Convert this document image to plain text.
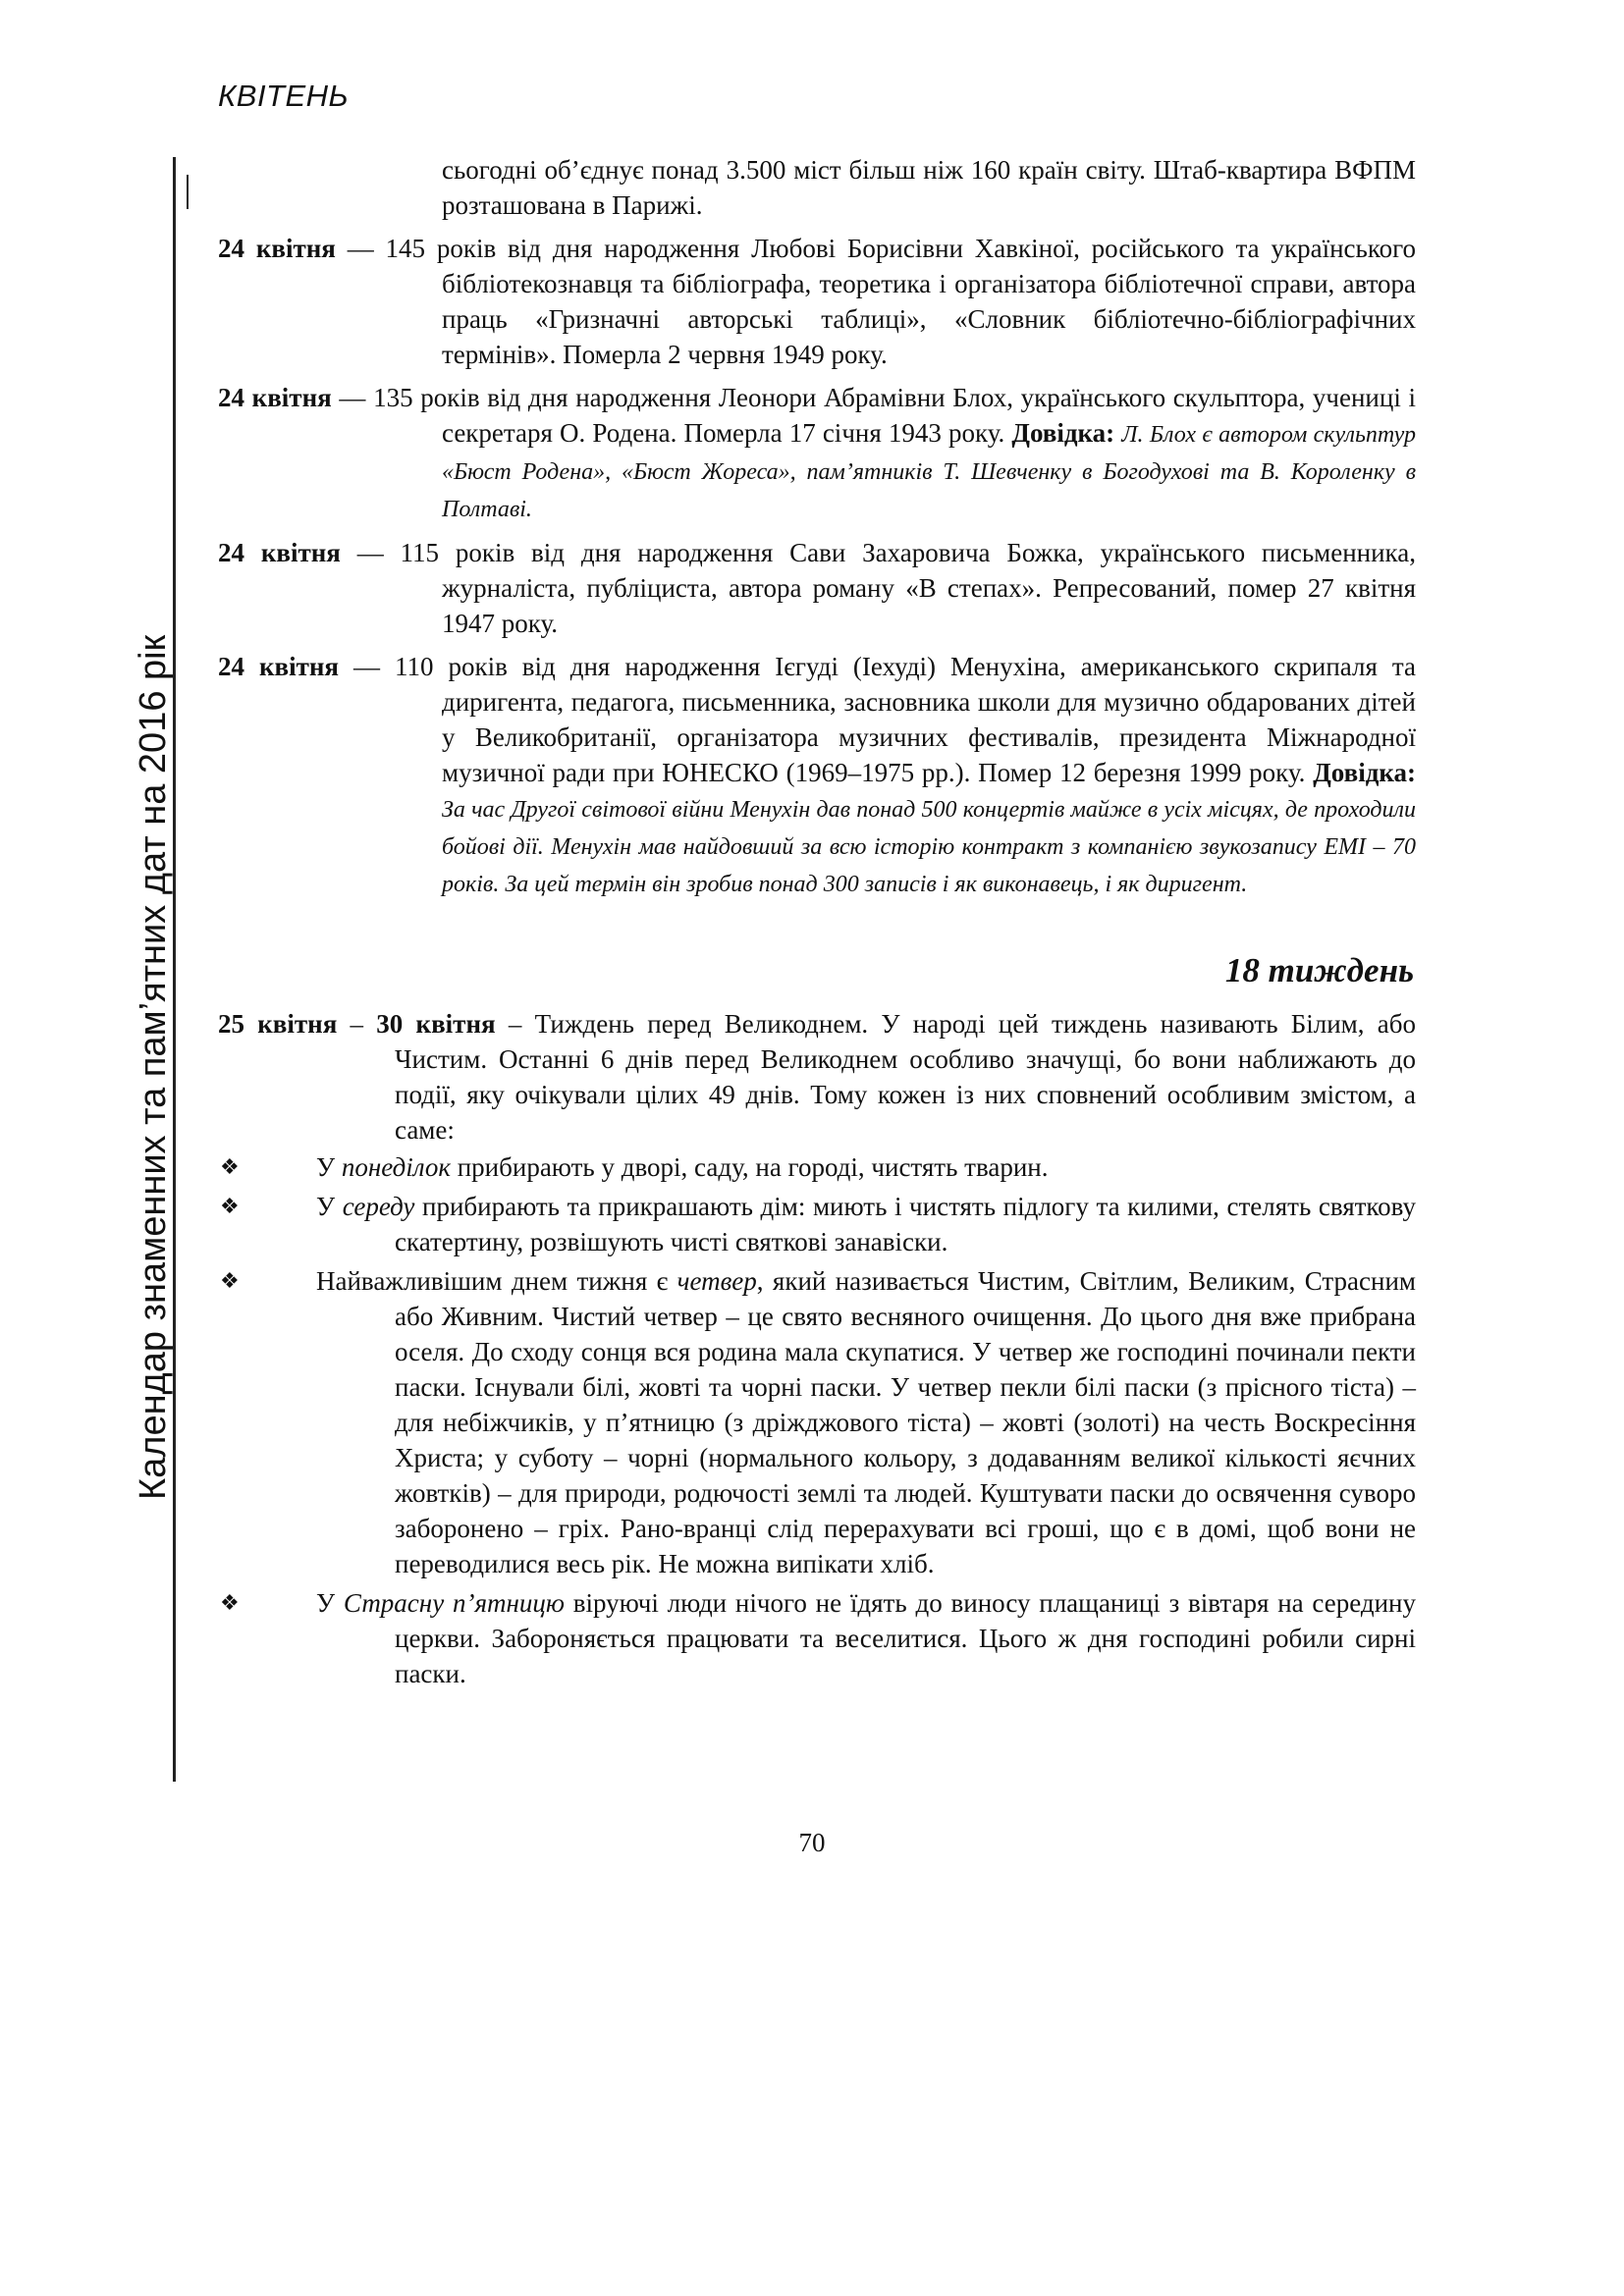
КВІТЕНЬ
Календар знаменних та пам’ятних дат на 2016 рік
сьогодні об’єднує понад 3.500 міст більш ніж 160 країн світу. Штаб-квартира ВФПМ розташована в Парижі.
24 квітня — 145 років від дня народження Любові Борисівни Хавкіної, російського та українського бібліотекознавця та бібліографа, теоретика і організатора бібліотечної справи, автора праць «Гризначні авторські таблиці», «Словник бібліотечно-бібліографічних термінів». Померла 2 червня 1949 року.
24 квітня — 135 років від дня народження Леонори Абрамівни Блох, українського скульптора, учениці і секретаря О. Родена. Померла 17 січня 1943 року. Довідка: Л. Блох є автором скульптур «Бюст Родена», «Бюст Жореса», пам’ятників Т. Шевченку в Богодухові та В. Короленку в Полтаві.
24 квітня — 115 років від дня народження Сави Захаровича Божка, українського письменника, журналіста, публіциста, автора роману «В степах». Репресований, помер 27 квітня 1947 року.
24 квітня — 110 років від дня народження Ієгуді (Іехуді) Менухіна, американського скрипаля та диригента, педагога, письменника, засновника школи для музично обдарованих дітей у Великобританії, організатора музичних фестивалів, президента Міжнародної музичної ради при ЮНЕСКО (1969–1975 рр.). Помер 12 березня 1999 року. Довідка: За час Другої світової війни Менухін дав понад 500 концертів майже в усіх місцях, де проходили бойові дії. Менухін мав найдовший за всю історію контракт з компанією звукозапису ЕМІ – 70 років. За цей термін він зробив понад 300 записів і як виконавець, і як диригент.
18 тиждень
25 квітня – 30 квітня – Тиждень перед Великоднем. У народі цей тиждень називають Білим, або Чистим. Останні 6 днів перед Великоднем особливо значущі, бо вони наближають до події, яку очікували цілих 49 днів. Тому кожен із них сповнений особливим змістом, а саме:
❖	У понеділок прибирають у дворі, саду, на городі, чистять тварин.
❖	У середу прибирають та прикрашають дім: миють і чистять підлогу та килими, стелять святкову скатертину, розвішують чисті святкові занавіски.
❖	Найважливішим днем тижня є четвер, який називається Чистим, Світлим, Великим, Страсним або Живним. Чистий четвер – це свято весняного очищення. До цього дня вже прибрана оселя. До сходу сонця вся родина мала скупатися. У четвер же господині починали пекти паски. Існували білі, жовті та чорні паски. У четвер пекли білі паски (з прісного тіста) – для небіжчиків, у п’ятницю (з дріжджового тіста) – жовті (золоті) на честь Воскресіння Христа; у суботу – чорні (нормального кольору, з додаванням великої кількості яєчних жовтків) – для природи, родючості землі та людей. Куштувати паски до освячення суворо заборонено – гріх. Рано-вранці слід перерахувати всі гроші, що є в домі, щоб вони не переводилися весь рік. Не можна випікати хліб.
❖	У Страсну п’ятницю віруючі люди нічого не їдять до виносу плащаниці з вівтаря на середину церкви. Забороняється працювати та веселитися. Цього ж дня господині робили сирні паски.
70
